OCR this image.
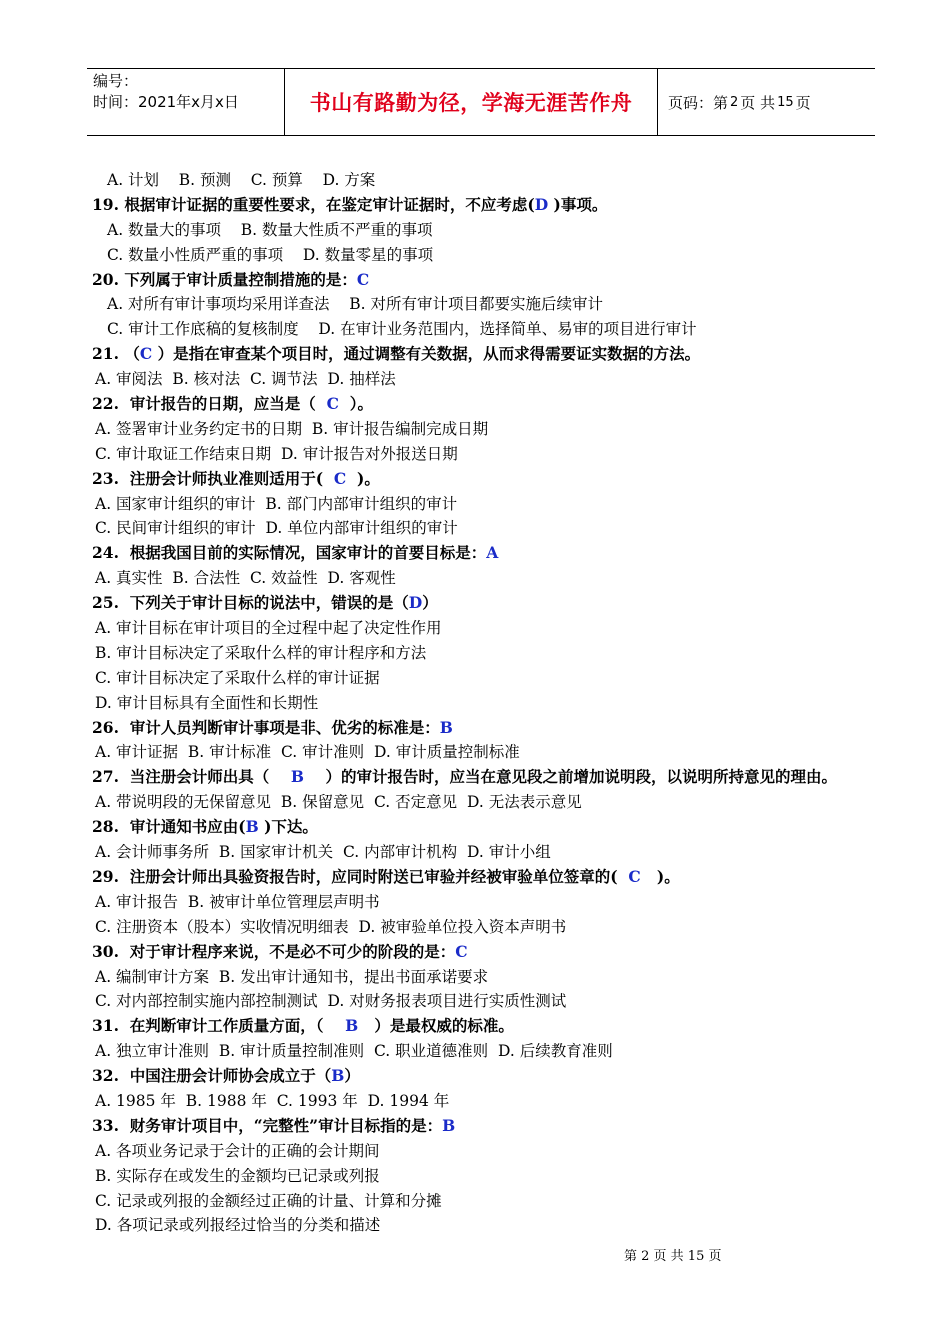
编号：
时间：2021年x月x日	书山有路勤为径，学海无涯苦作舟 页码：第 2 页 共 15 页
A. 计划    B. 预测    C. 预算    D. 方案
19. 根据审计证据的重要性要求，在鉴定审计证据时，不应考虑(D )事项。
A. 数量大的事项    B. 数量大性质不严重的事项
C. 数量小性质严重的事项    D. 数量零星的事项
20. 下列属于审计质量控制措施的是：C
A. 对所有审计事项均采用详查法    B. 对所有审计项目都要实施后续审计
C. 审计工作底稿的复核制度    D. 在审计业务范围内，选择简单、易审的项目进行审计
21. （C ）是指在审查某个项目时，通过调整有关数据，从而求得需要证实数据的方法。
A. 审阅法  B. 核对法  C. 调节法  D. 抽样法
22.  审计报告的日期，应当是（  C  ）。
A. 签署审计业务约定书的日期  B. 审计报告编制完成日期
C. 审计取证工作结束日期  D. 审计报告对外报送日期
23.  注册会计师执业准则适用于(  C  )。
A. 国家审计组织的审计  B. 部门内部审计组织的审计
C. 民间审计组织的审计  D. 单位内部审计组织的审计
24.  根据我国目前的实际情况，国家审计的首要目标是：A
A. 真实性  B. 合法性  C. 效益性  D. 客观性
25.  下列关于审计目标的说法中，错误的是（D）
A. 审计目标在审计项目的全过程中起了决定性作用
B. 审计目标决定了采取什么样的审计程序和方法
C. 审计目标决定了采取什么样的审计证据
D. 审计目标具有全面性和长期性
26.  审计人员判断审计事项是非、优劣的标准是：B
A. 审计证据  B. 审计标准  C. 审计准则  D. 审计质量控制标准
27.  当注册会计师出具（    B    ）的审计报告时，应当在意见段之前增加说明段，以说明所持意见的理由。
A. 带说明段的无保留意见  B. 保留意见  C. 否定意见  D. 无法表示意见
28.  审计通知书应由(B )下达。
A. 会计师事务所  B. 国家审计机关  C. 内部审计机构  D. 审计小组
29.  注册会计师出具验资报告时，应同时附送已审验并经被审验单位签章的(  C   )。
A. 审计报告  B. 被审计单位管理层声明书
C. 注册资本（股本）实收情况明细表  D. 被审验单位投入资本声明书
30.  对于审计程序来说，不是必不可少的阶段的是：C
A. 编制审计方案  B. 发出审计通知书，提出书面承诺要求
C. 对内部控制实施内部控制测试  D. 对财务报表项目进行实质性测试
31.  在判断审计工作质量方面，（    B   ）是最权威的标准。
A. 独立审计准则  B. 审计质量控制准则  C. 职业道德准则  D. 后续教育准则
32.  中国注册会计师协会成立于（B）
A. 1985 年  B. 1988 年  C. 1993 年  D. 1994 年
33.  财务审计项目中，“完整性”审计目标指的是：B
A. 各项业务记录于会计的正确的会计期间
B. 实际存在或发生的金额均已记录或列报
C. 记录或列报的金额经过正确的计量、计算和分摊
D. 各项记录或列报经过恰当的分类和描述
第 2 页 共 15 页
